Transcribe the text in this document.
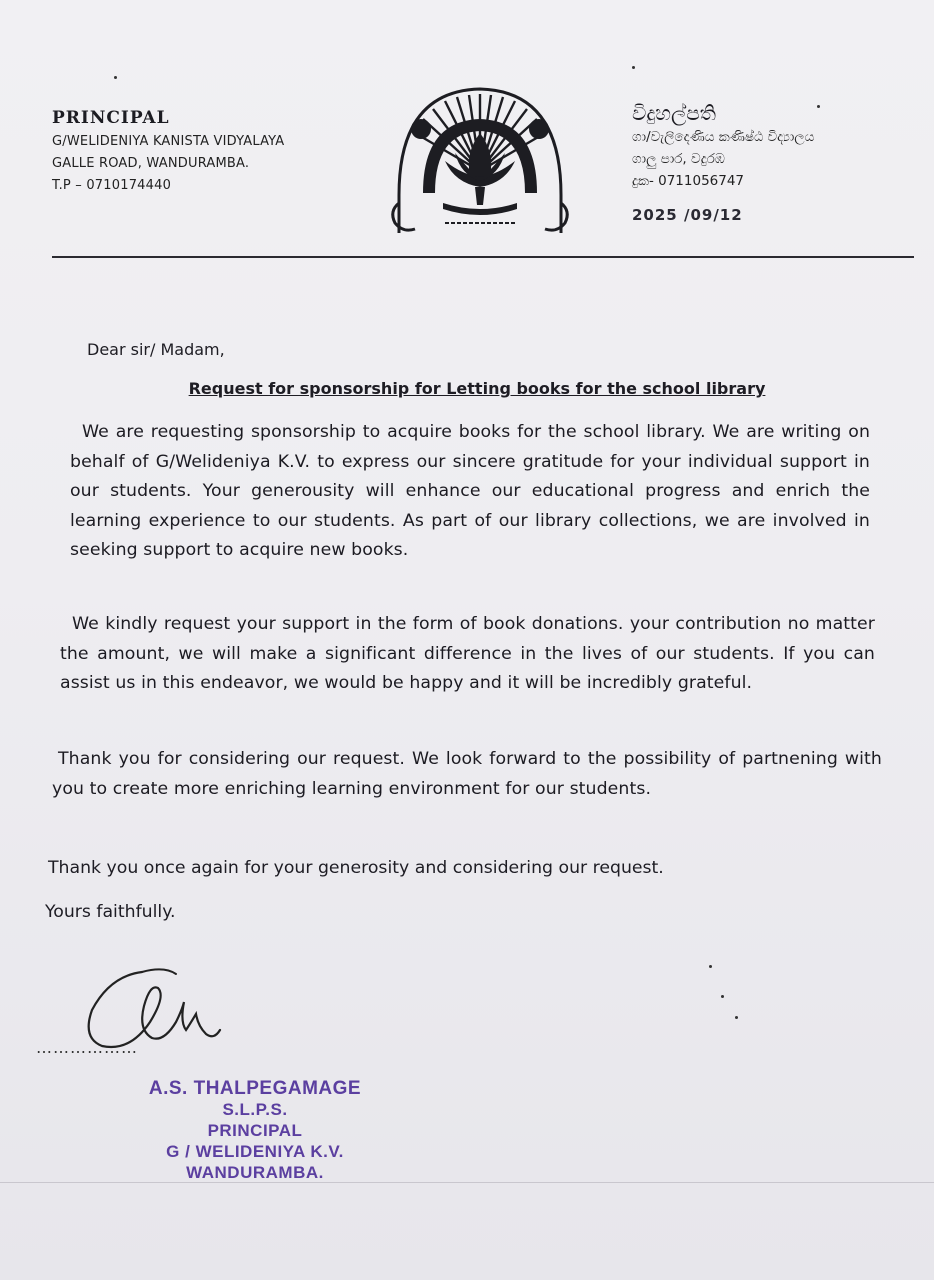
PRINCIPAL
G/WELIDENIYA KANISTA VIDYALAYA
GALLE ROAD, WANDURAMBA.
T.P – 0710174440
විදුහල්පති
ගා/වැලිදෙණිය කණිෂ්ඨ විද්‍යාලය
ගාලු පාර, වදුරඹ
දුක- 0711056747
2025 /09/12
Dear sir/ Madam,
Request for sponsorship for Letting books for the school library
We are requesting sponsorship to acquire books for the school library. We are writing on behalf of G/Welideniya K.V. to express our sincere gratitude for your individual support in our students. Your generousity will enhance our educational progress and enrich the learning experience to our students. As part of our library collections, we are involved in seeking support to acquire new books.
We kindly request your support in the form of book donations. your contribution no matter the amount, we will make a significant difference in the lives of our students. If you can assist us in this endeavor, we would be happy and it will be incredibly grateful.
Thank you for considering our request. We look forward to the possibility of partnening with you to create more enriching learning environment for our students.
Thank you once again for your generosity and considering our request.
Yours faithfully.
………………
A.S. THALPEGAMAGE
S.L.P.S.
PRINCIPAL
G / WELIDENIYA K.V.
WANDURAMBA.
